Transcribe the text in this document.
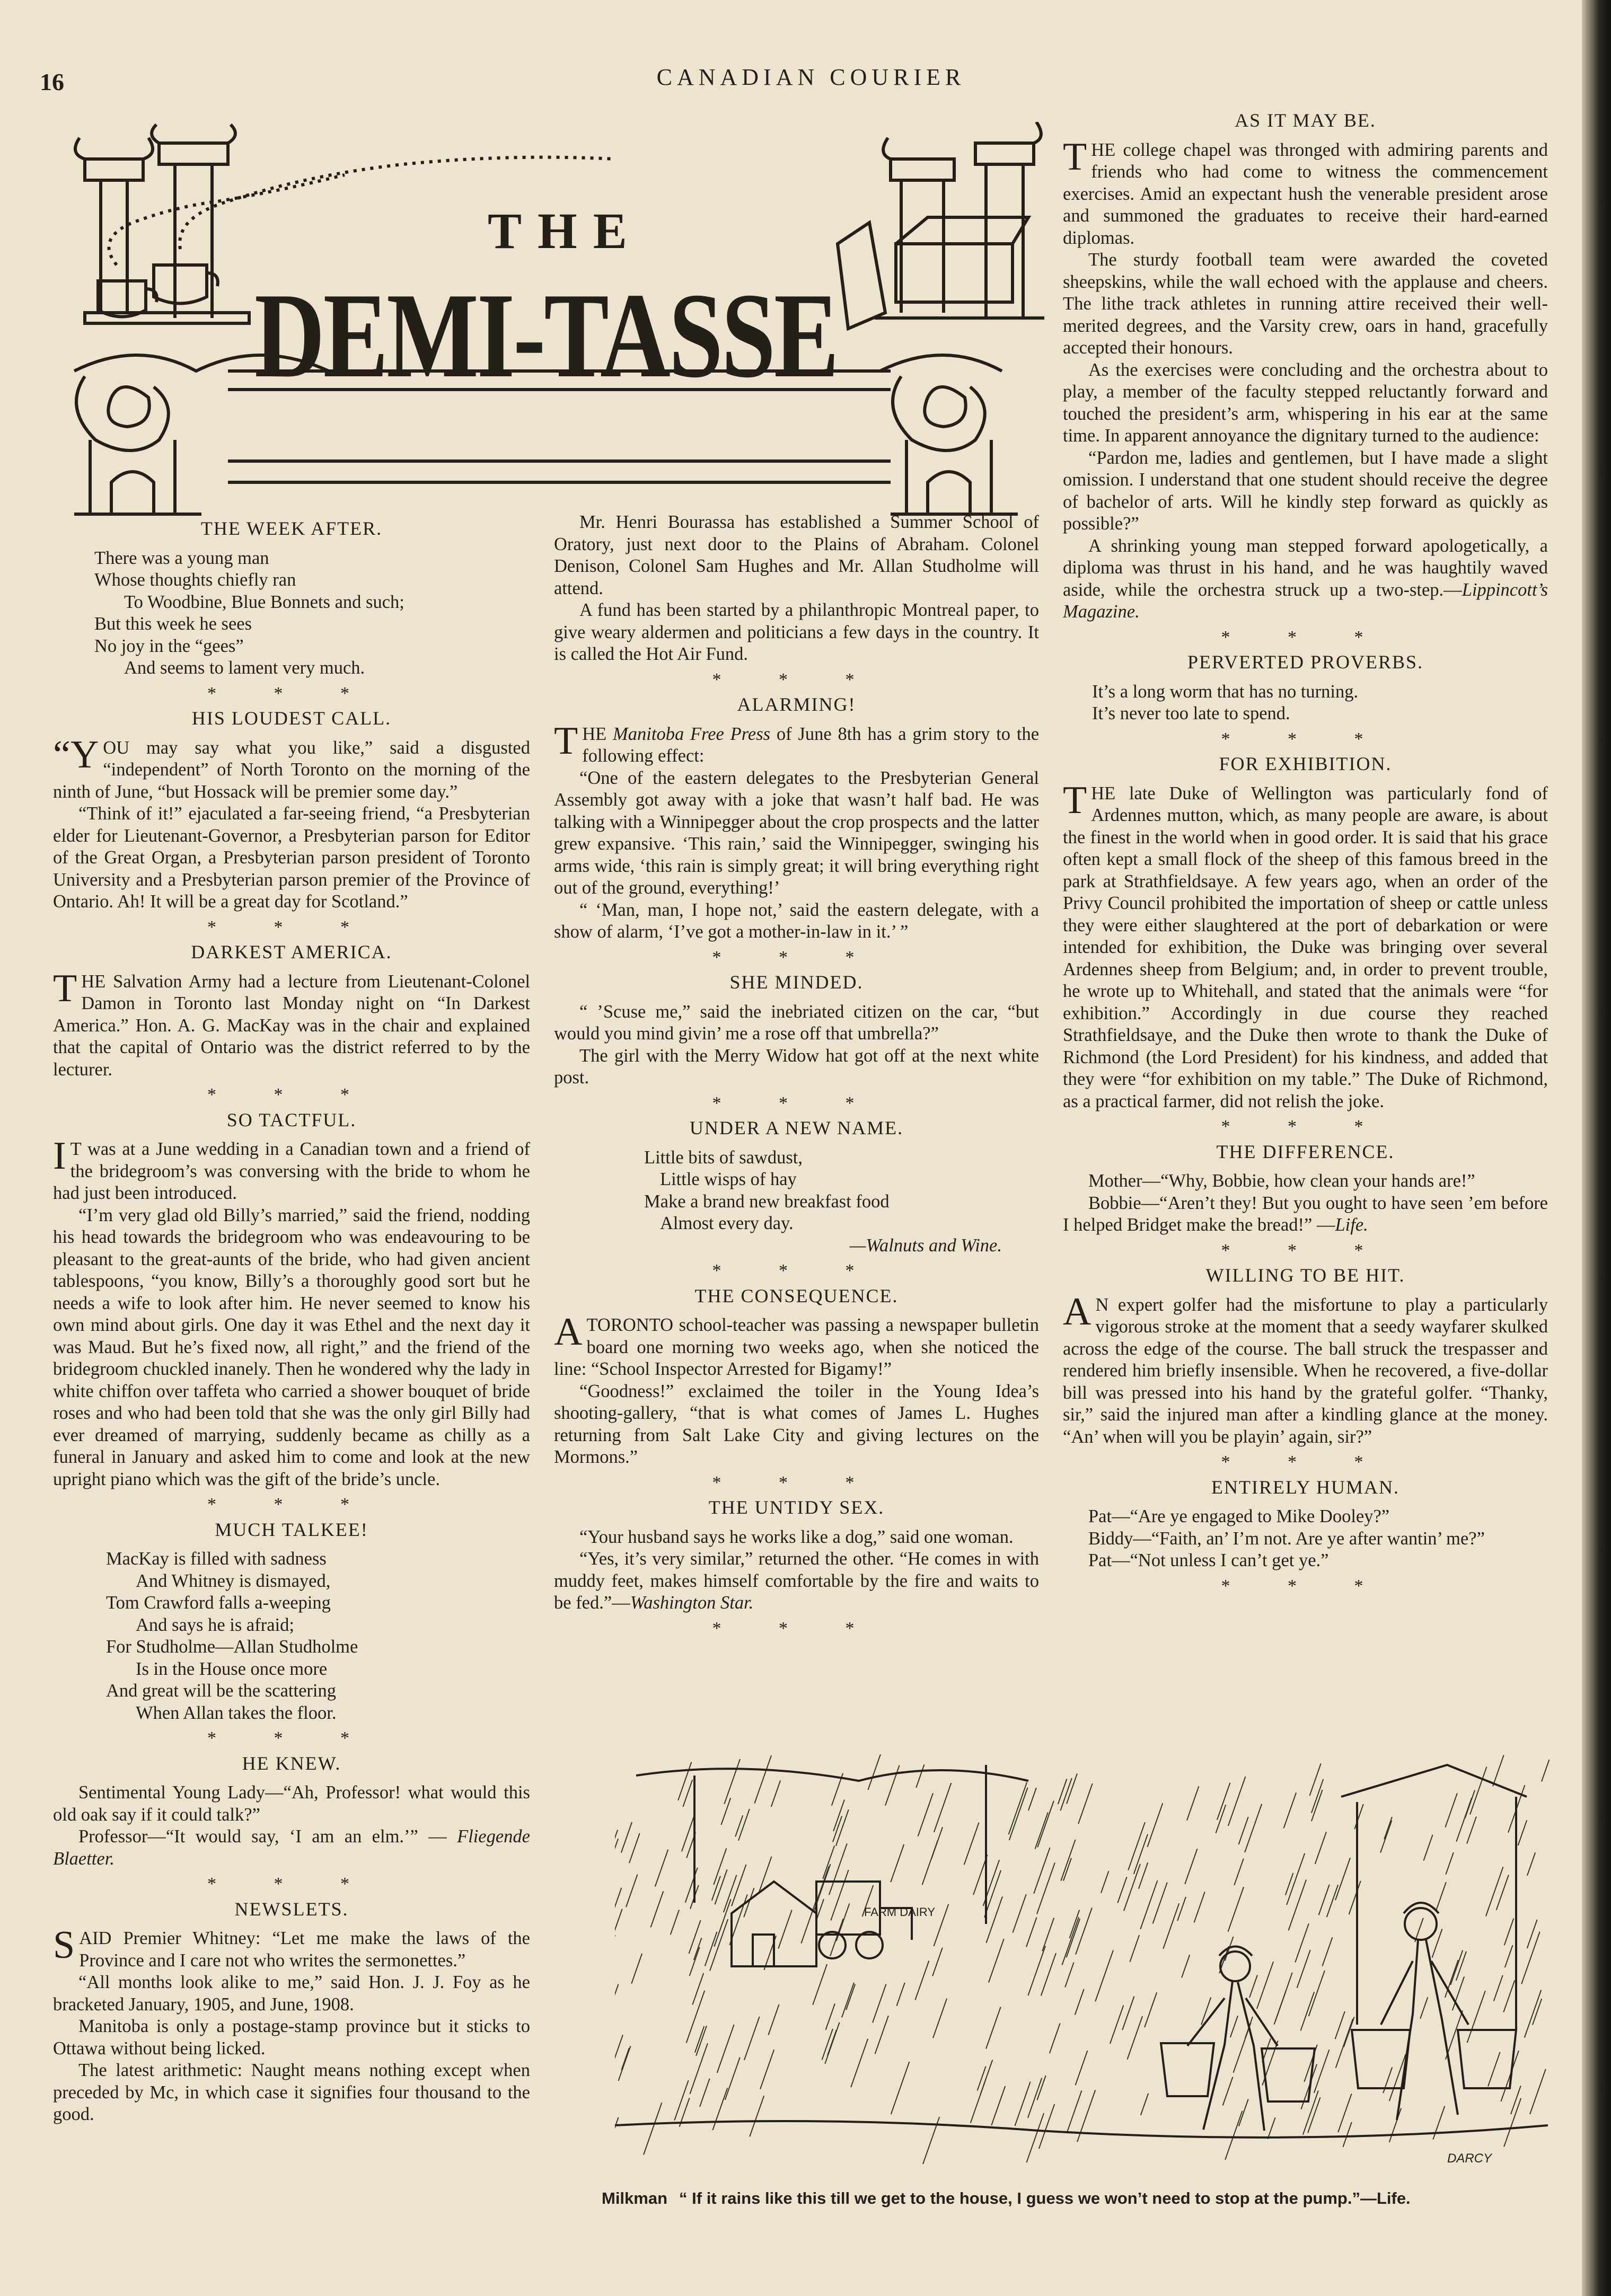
16	CANADIAN COURIER
THE
DEMI-TASSE
THE WEEK AFTER.
There was a young man
Whose thoughts chiefly ran
To Woodbine, Blue Bonnets and such;
But this week he sees
No joy in the “gees”
And seems to lament very much.
* * *
HIS LOUDEST CALL.

“YOU may say what you like,” said a disgusted “independent” of North Toronto on the morning of the ninth of June, “but Hossack will be premier some day.”

“Think of it!” ejaculated a far-seeing friend, “a Presbyterian elder for Lieutenant-Governor, a Presbyterian parson for Editor of the Great Organ, a Presbyterian parson president of Toronto University and a Presbyterian parson premier of the Province of Ontario. Ah! It will be a great day for Scotland.”

* * *
DARKEST AMERICA.

THE Salvation Army had a lecture from Lieutenant-Colonel Damon in Toronto last Monday night on “In Darkest America.” Hon. A. G. MacKay was in the chair and explained that the capital of Ontario was the district referred to by the lecturer.

* * *
SO TACTFUL.

I T was at a June wedding in a Canadian town and a friend of the bridegroom’s was conversing with the bride to whom he had just been introduced.

“I’m very glad old Billy’s married,” said the friend, nodding his head towards the bridegroom who was endeavouring to be pleasant to the great-aunts of the bride, who had given ancient tablespoons, “you know, Billy’s a thoroughly good sort but he needs a wife to look after him. He never seemed to know his own mind about girls. One day it was Ethel and the next day it was Maud. But he’s fixed now, all right,” and the friend of the bridegroom chuckled inanely. Then he wondered why the lady in white chiffon over taffeta who carried a shower bouquet of bride roses and who had been told that she was the only girl Billy had ever dreamed of marrying, suddenly became as chilly as a funeral in January and asked him to come and look at the new upright piano which was the gift of the bride’s uncle.

* * *
MUCH TALKEE!
MacKay is filled with sadness
And Whitney is dismayed,
Tom Crawford falls a-weeping
And says he is afraid;
For Studholme—Allan Studholme
Is in the House once more
And great will be the scattering
When Allan takes the floor.
* * *
HE KNEW.

Sentimental Young Lady—“Ah, Professor! what would this old oak say if it could talk?”

Professor—“It would say, ‘I am an elm.’” — Fliegende Blaetter.

* * *
NEWSLETS.

SAID Premier Whitney: “Let me make the laws of the Province and I care not who writes the sermonettes.”

“All months look alike to me,” said Hon. J. J. Foy as he bracketed January, 1905, and June, 1908.

Manitoba is only a postage-stamp province but it sticks to Ottawa without being licked.

The latest arithmetic: Naught means nothing except when preceded by Mc, in which case it signifies four thousand to the good.

Mr. Henri Bourassa has established a Summer School of Oratory, just next door to the Plains of Abraham. Colonel Denison, Colonel Sam Hughes and Mr. Allan Studholme will attend.

A fund has been started by a philanthropic Montreal paper, to give weary aldermen and politicians a few days in the country. It is called the Hot Air Fund.

* * *
ALARMING!

THE Manitoba Free Press of June 8th has a grim story to the following effect:

“One of the eastern delegates to the Presbyterian General Assembly got away with a joke that wasn’t half bad. He was talking with a Winnipegger about the crop prospects and the latter grew expansive. ‘This rain,’ said the Winnipegger, swinging his arms wide, ‘this rain is simply great; it will bring everything right out of the ground, everything!’

“ ‘Man, man, I hope not,’ said the eastern delegate, with a show of alarm, ‘I’ve got a mother-in-law in it.’ ”

* * *
SHE MINDED.

“ ’Scuse me,” said the inebriated citizen on the car, “but would you mind givin’ me a rose off that umbrella?”

The girl with the Merry Widow hat got off at the next white post.

* * *
UNDER A NEW NAME.
Little bits of sawdust,
Little wisps of hay
Make a brand new breakfast food
Almost every day.
—Walnuts and Wine.
* * *
THE CONSEQUENCE.

A TORONTO school-teacher was passing a newspaper bulletin board one morning two weeks ago, when she noticed the line: “School Inspector Arrested for Bigamy!”

“Goodness!” exclaimed the toiler in the Young Idea’s shooting-gallery, “that is what comes of James L. Hughes returning from Salt Lake City and giving lectures on the Mormons.”

* * *
THE UNTIDY SEX.

“Your husband says he works like a dog,” said one woman.

“Yes, it’s very similar,” returned the other. “He comes in with muddy feet, makes himself comfortable by the fire and waits to be fed.”—Washington Star.

* * *
AS IT MAY BE.

THE college chapel was thronged with admiring parents and friends who had come to witness the commencement exercises. Amid an expectant hush the venerable president arose and summoned the graduates to receive their hard-earned diplomas.

The sturdy football team were awarded the coveted sheepskins, while the wall echoed with the applause and cheers. The lithe track athletes in running attire received their well-merited degrees, and the Varsity crew, oars in hand, gracefully accepted their honours.

As the exercises were concluding and the orchestra about to play, a member of the faculty stepped reluctantly forward and touched the president’s arm, whispering in his ear at the same time. In apparent annoyance the dignitary turned to the audience:

“Pardon me, ladies and gentlemen, but I have made a slight omission. I understand that one student should receive the degree of bachelor of arts. Will he kindly step forward as quickly as possible?”

A shrinking young man stepped forward apologetically, a diploma was thrust in his hand, and he was haughtily waved aside, while the orchestra struck up a two-step.—Lippincott’s Magazine.

* * *
PERVERTED PROVERBS.
It’s a long worm that has no turning.
It’s never too late to spend.
* * *
FOR EXHIBITION.

THE late Duke of Wellington was particularly fond of Ardennes mutton, which, as many people are aware, is about the finest in the world when in good order. It is said that his grace often kept a small flock of the sheep of this famous breed in the park at Strathfieldsaye. A few years ago, when an order of the Privy Council prohibited the importation of sheep or cattle unless they were either slaughtered at the port of debarkation or were intended for exhibition, the Duke was bringing over several Ardennes sheep from Belgium; and, in order to prevent trouble, he wrote up to Whitehall, and stated that the animals were “for exhibition.” Accordingly in due course they reached Strathfieldsaye, and the Duke then wrote to thank the Duke of Richmond (the Lord President) for his kindness, and added that they were “for exhibition on my table.” The Duke of Richmond, as a practical farmer, did not relish the joke.

* * *
THE DIFFERENCE.

Mother—“Why, Bobbie, how clean your hands are!”

Bobbie—“Aren’t they! But you ought to have seen ’em before I helped Bridget make the bread!” —Life.

* * *
WILLING TO BE HIT.

A N expert golfer had the misfortune to play a particularly vigorous stroke at the moment that a seedy wayfarer skulked across the edge of the course. The ball struck the trespasser and rendered him briefly insensible. When he recovered, a five-dollar bill was pressed into his hand by the grateful golfer. “Thanky, sir,” said the injured man after a kindling glance at the money. “An’ when will you be playin’ again, sir?”

* * *
ENTIRELY HUMAN.

Pat—“Are ye engaged to Mike Dooley?”

Biddy—“Faith, an’ I’m not. Are ye after wantin’ me?”

Pat—“Not unless I can’t get ye.”

* * *
FARM DAIRY
DARCY
Milkman “ If it rains like this till we get to the house, I guess we won’t need to stop at the pump.”—Life.
